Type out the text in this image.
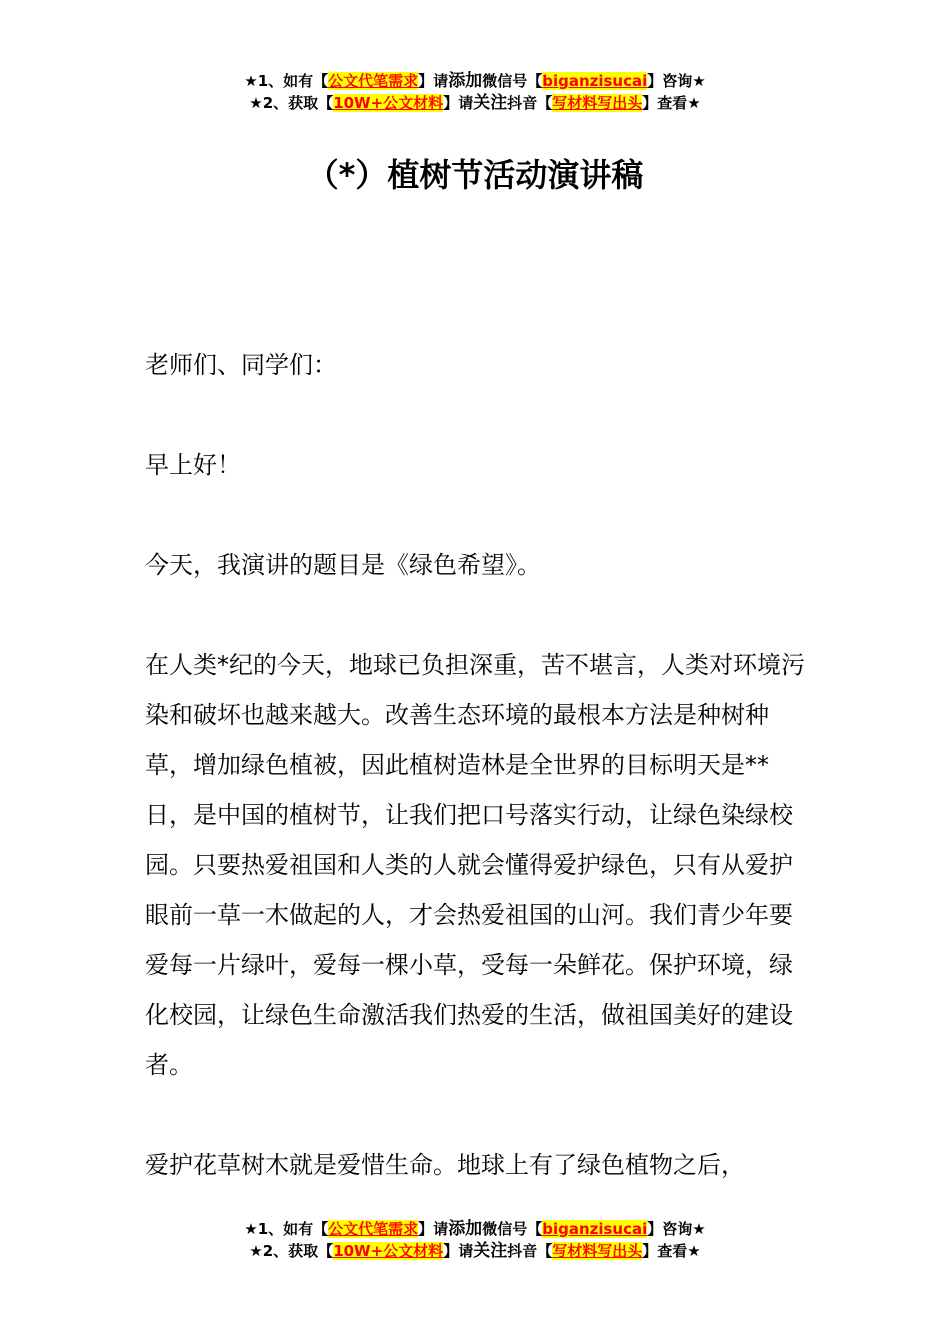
★1、如有【公文代笔需求】请添加微信号【biganzisucai】咨询★
★2、获取【10W+公文材料】请关注抖音【写材料写出头】查看★
（*）植树节活动演讲稿

老师们、同学们：

早上好！

今天，我演讲的题目是《绿色希望》。

在人类*纪的今天，地球已负担深重，苦不堪言，人类对环境污染和破坏也越来越大。改善生态环境的最根本方法是种树种草，增加绿色植被，因此植树造林是全世界的目标明天是**日，是中国的植树节，让我们把口号落实行动，让绿色染绿校园。只要热爱祖国和人类的人就会懂得爱护绿色，只有从爱护眼前一草一木做起的人，才会热爱祖国的山河。我们青少年要爱每一片绿叶，爱每一棵小草，受每一朵鲜花。保护环境，绿化校园，让绿色生命激活我们热爱的生活，做祖国美好的建设者。

爱护花草树木就是爱惜生命。地球上有了绿色植物之后，

★1、如有【公文代笔需求】请添加微信号【biganzisucai】咨询★
★2、获取【10W+公文材料】请关注抖音【写材料写出头】查看★
